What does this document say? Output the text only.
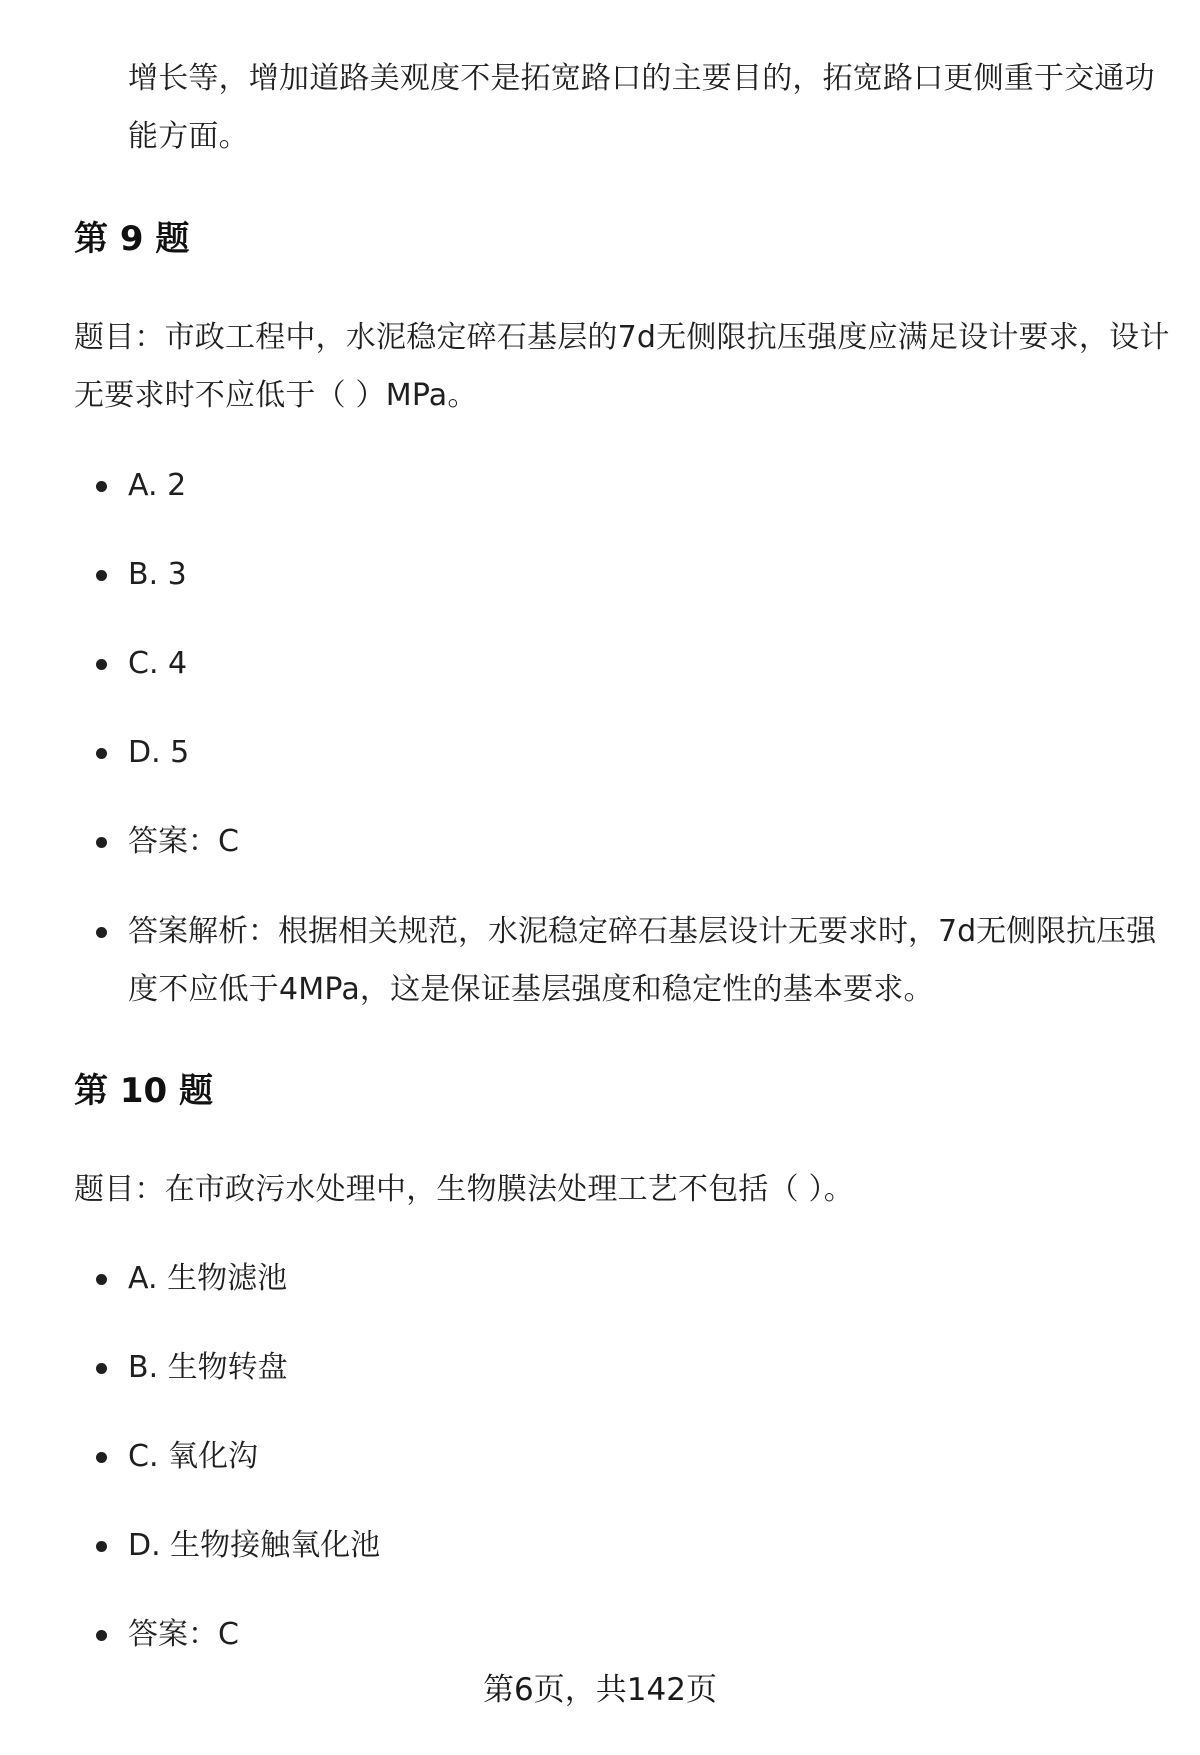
增长等，增加道路美观度不是拓宽路口的主要目的，拓宽路口更侧重于交通功
能方面。
第 9 题
题目：市政工程中，水泥稳定碎石基层的7d无侧限抗压强度应满足设计要求，设计
无要求时不应低于（ ）MPa。
A. 2
B. 3
C. 4
D. 5
答案：C
答案解析：根据相关规范，水泥稳定碎石基层设计无要求时，7d无侧限抗压强
度不应低于4MPa，这是保证基层强度和稳定性的基本要求。
第 10 题
题目：在市政污水处理中，生物膜法处理工艺不包括（ ）。
A. 生物滤池
B. 生物转盘
C. 氧化沟
D. 生物接触氧化池
答案：C
第6页，共142页
